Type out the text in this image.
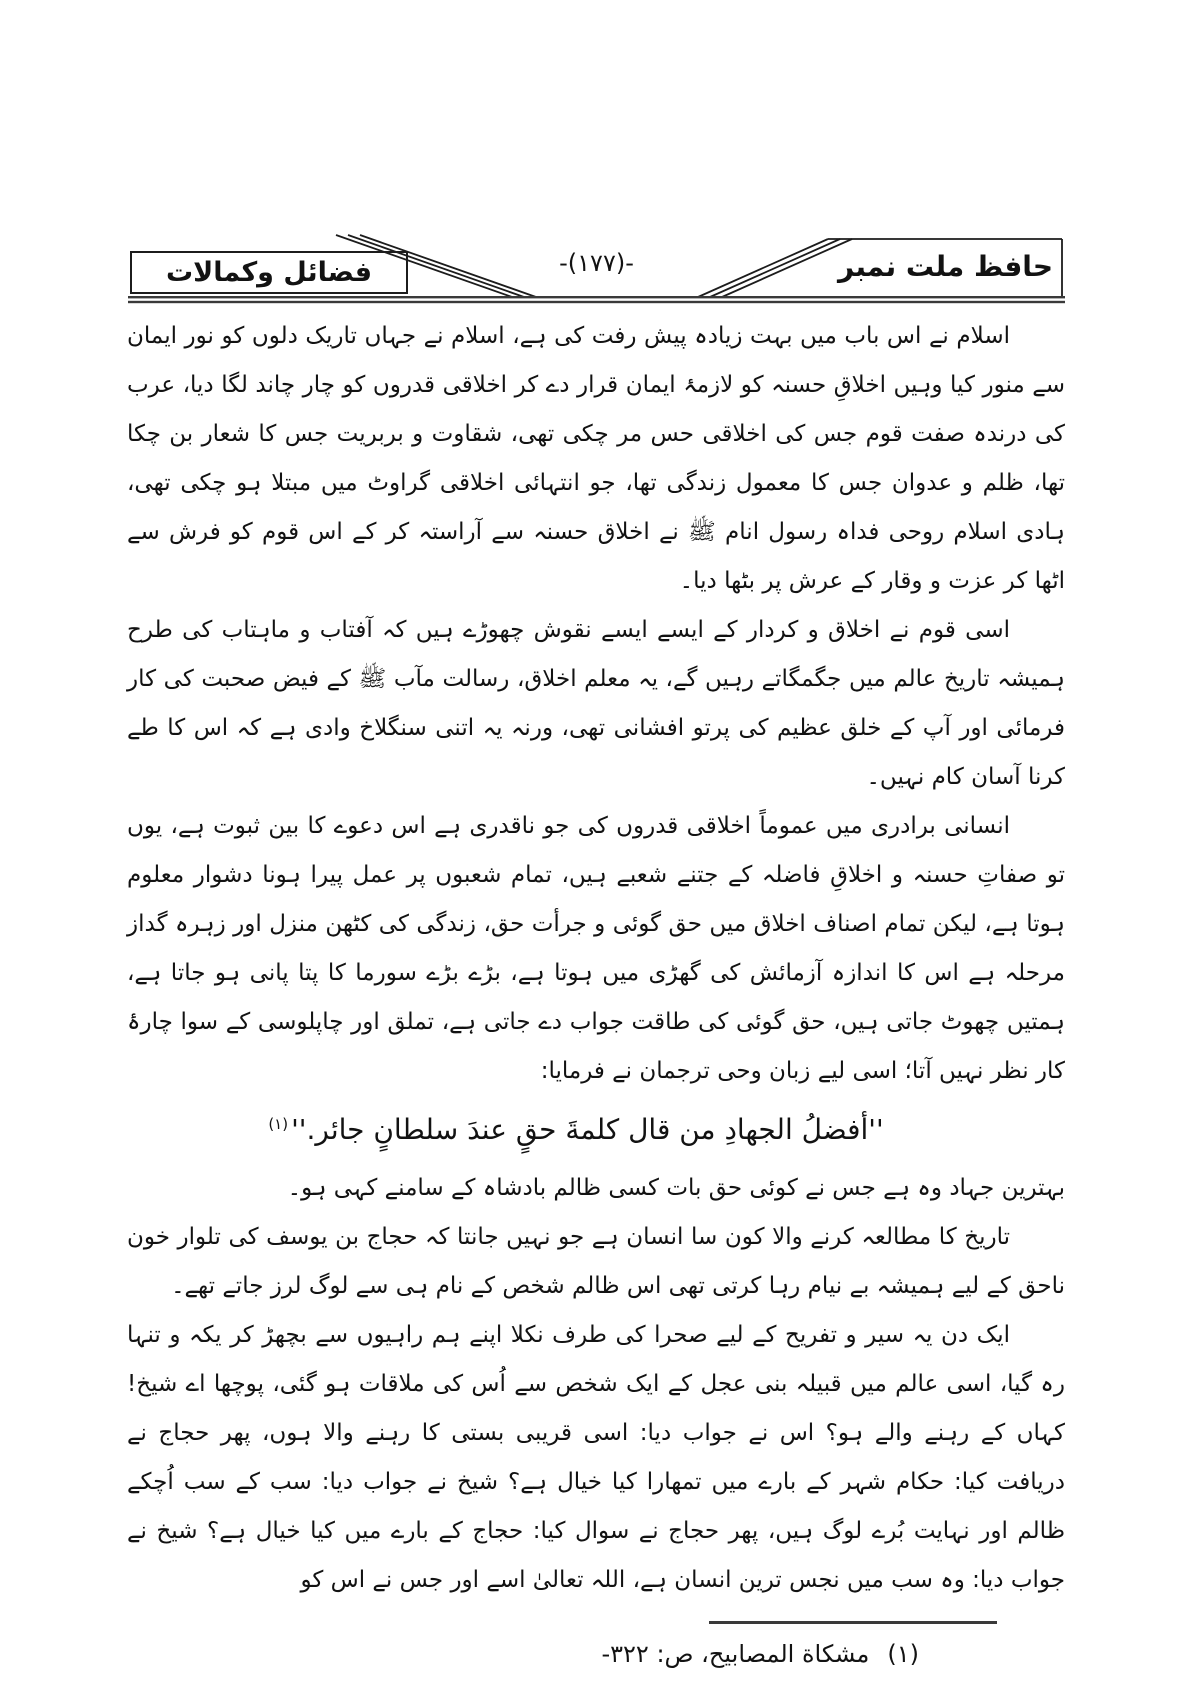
حافظ ملت نمبر
-(١٧٧)-
فضائل وکمالات

اسلام نے اس باب میں بہت زیادہ پیش رفت کی ہے، اسلام نے جہاں تاریک دلوں کو نور ایمان سے منور کیا وہیں اخلاقِ حسنہ کو لازمۂ ایمان قرار دے کر اخلاقی قدروں کو چار چاند لگا دیا، عرب کی درندہ صفت قوم جس کی اخلاقی حس مر چکی تھی، شقاوت و بربریت جس کا شعار بن چکا تھا، ظلم و عدوان جس کا معمول زندگی تھا، جو انتہائی اخلاقی گراوٹ میں مبتلا ہو چکی تھی، ہادی اسلام روحی فداہ رسول انام ﷺ نے اخلاق حسنہ سے آراستہ کر کے اس قوم کو فرش سے اٹھا کر عزت و وقار کے عرش پر بٹھا دیا۔

اسی قوم نے اخلاق و کردار کے ایسے ایسے نقوش چھوڑے ہیں کہ آفتاب و ماہتاب کی طرح ہمیشہ تاریخ عالم میں جگمگاتے رہیں گے، یہ معلم اخلاق، رسالت مآب ﷺ کے فیض صحبت کی کار فرمائی اور آپ کے خلق عظیم کی پرتو افشانی تھی، ورنہ یہ اتنی سنگلاخ وادی ہے کہ اس کا طے کرنا آسان کام نہیں۔

انسانی برادری میں عموماً اخلاقی قدروں کی جو ناقدری ہے اس دعوے کا بین ثبوت ہے، یوں تو صفاتِ حسنہ و اخلاقِ فاضلہ کے جتنے شعبے ہیں، تمام شعبوں پر عمل پیرا ہونا دشوار معلوم ہوتا ہے، لیکن تمام اصناف اخلاق میں حق گوئی و جرأت حق، زندگی کی کٹھن منزل اور زہرہ گداز مرحلہ ہے اس کا اندازہ آزمائش کی گھڑی میں ہوتا ہے، بڑے بڑے سورما کا پتا پانی ہو جاتا ہے، ہمتیں چھوٹ جاتی ہیں، حق گوئی کی طاقت جواب دے جاتی ہے، تملق اور چاپلوسی کے سوا چارۂ کار نظر نہیں آتا؛ اسی لیے زبان وحی ترجمان نے فرمایا:

''أفضلُ الجهادِ من قال كلمةَ حقٍ عندَ سلطانٍ جائر.''$^{(١)}$

بہترین جہاد وہ ہے جس نے کوئی حق بات کسی ظالم بادشاہ کے سامنے کہی ہو۔

تاریخ کا مطالعہ کرنے والا کون سا انسان ہے جو نہیں جانتا کہ حجاج بن یوسف کی تلوار خون ناحق کے لیے ہمیشہ بے نیام رہا کرتی تھی اس ظالم شخص کے نام ہی سے لوگ لرز جاتے تھے۔

ایک دن یہ سیر و تفریح کے لیے صحرا کی طرف نکلا اپنے ہم راہیوں سے بچھڑ کر یکہ و تنہا رہ گیا، اسی عالم میں قبیلہ بنی عجل کے ایک شخص سے اُس کی ملاقات ہو گئی، پوچھا اے شیخ! کہاں کے رہنے والے ہو؟ اس نے جواب دیا: اسی قریبی بستی کا رہنے والا ہوں، پھر حجاج نے دریافت کیا: حکام شہر کے بارے میں تمھارا کیا خیال ہے؟ شیخ نے جواب دیا: سب کے سب اُچکے ظالم اور نہایت بُرے لوگ ہیں، پھر حجاج نے سوال کیا: حجاج کے بارے میں کیا خیال ہے؟ شیخ نے جواب دیا: وہ سب میں نجس ترین انسان ہے، اللہ تعالیٰ اسے اور جس نے اس کو

(١)
مشكاة المصابيح، ص: ٣٢٢-
